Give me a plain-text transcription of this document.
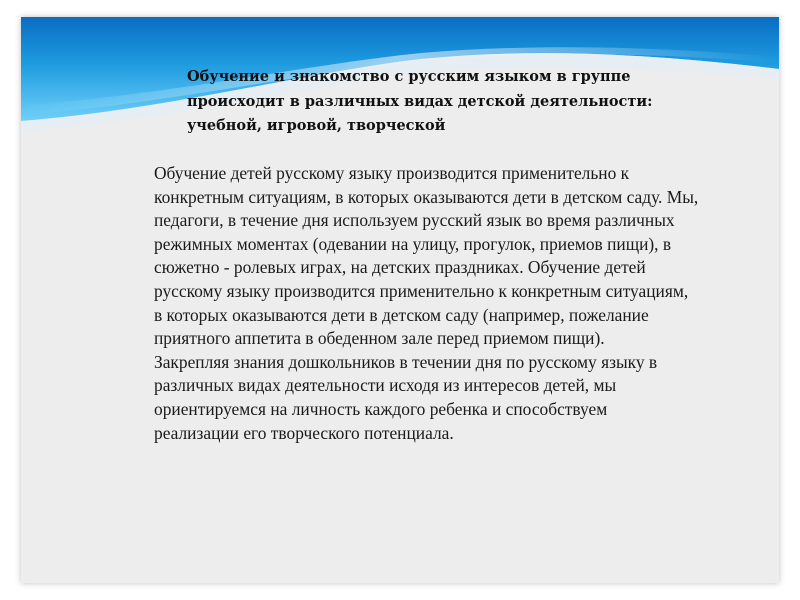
Обучение и знакомство с русским языком в группе
происходит в различных видах детской деятельности:
учебной, игровой, творческой

Обучение детей русскому языку производится применительно к
конкретным ситуациям, в которых оказываются дети в детском саду. Мы,
педагоги, в течение дня используем русский язык во время различных
режимных моментах (одевании на улицу, прогулок, приемов пищи), в
сюжетно - ролевых играх, на детских праздниках. Обучение детей
русскому языку производится применительно к конкретным ситуациям,
в которых оказываются дети в детском саду (например, пожелание
приятного аппетита в обеденном зале перед приемом пищи).
Закрепляя знания дошкольников в течении дня по русскому языку в
различных видах деятельности исходя из интересов детей, мы
ориентируемся на личность каждого ребенка и способствуем
реализации его творческого потенциала.
